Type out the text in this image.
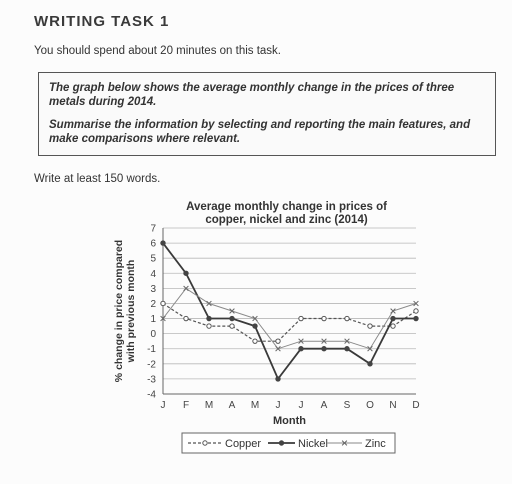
WRITING TASK 1
You should spend about 20 minutes on this task.

The graph below shows the average monthly change in the prices of three metals during 2014.

Summarise the information by selecting and reporting the main features, and make comparisons where relevant.

Write at least 150 words.
Average monthly change in prices of
copper, nickel and zinc (2014)
7
6
5
4
3
2
1
0
-1
-2
-3
-4
J F M A M J J A S O N D
Month
% change in price compared with previous month
Copper	Nickel	Zinc
